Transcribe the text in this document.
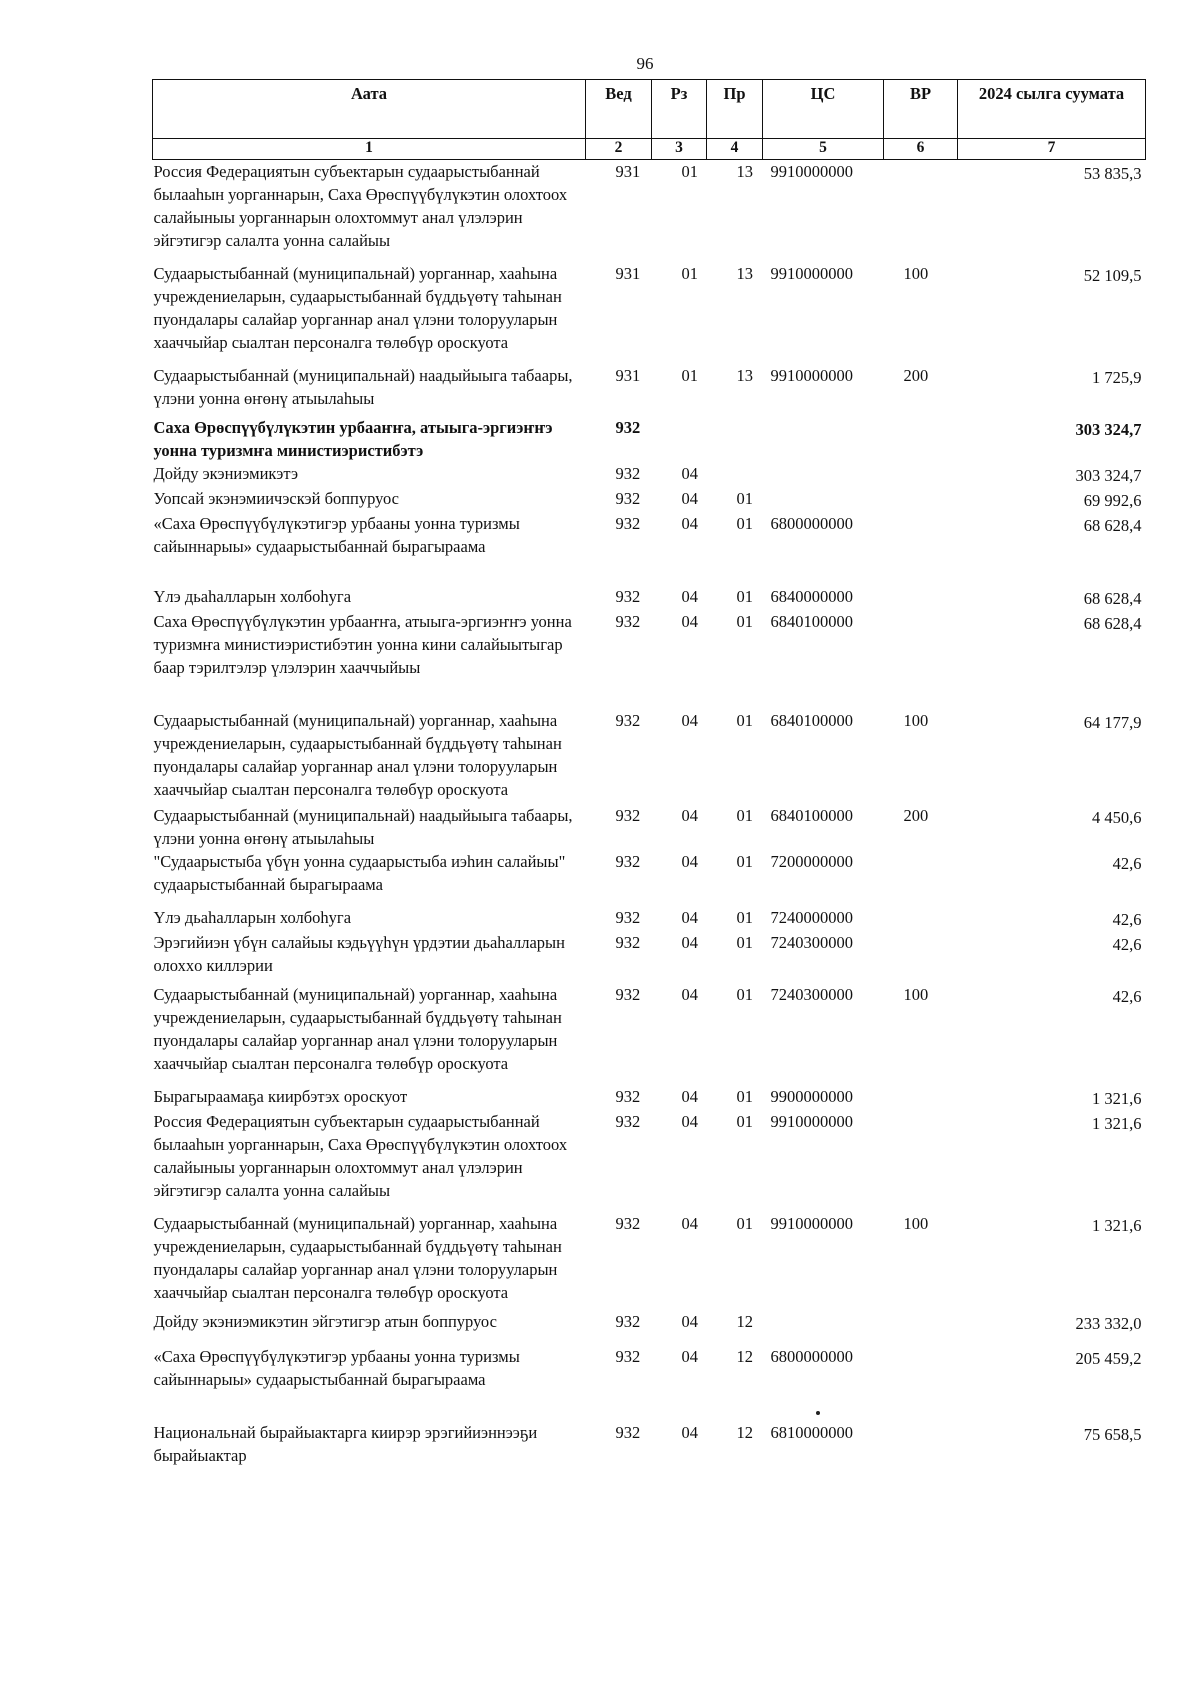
96
Аата	Вед	Рз	Пр	ЦС	ВР	2024 сылга суумата
1	2	3	4	5	6	7
Россия Федерациятын субъектарын судаарыстыбаннай былааһын уорганнарын, Саха Өрөспүүбүлүкэтин олохтоох салайыныы уорганнарын олохтоммут анал үлэлэрин эйгэтигэр салалта уонна салайыы	931	01	13	9910000000		53 835,3
Судаарыстыбаннай (муниципальнай) уорганнар, хааһына учреждениеларын, судаарыстыбаннай бүддьүөтү таһынан пуондалары салайар уорганнар анал үлэни толорууларын хааччыйар сыалтан персоналга төлөбүр ороскуота	931	01	13	9910000000	100	52 109,5
Судаарыстыбаннай (муниципальнай) наадыйыыга табаары, үлэни уонна өҥөнү атыылаһыы	931	01	13	9910000000	200	1 725,9
Саха Өрөспүүбүлүкэтин урбааҥҥа, атыыга-эргиэҥҥэ уонна туризмҥа министиэристибэтэ	932					303 324,7
Дойду экэниэмикэтэ	932	04				303 324,7
Уопсай экэнэмиичэскэй боппуруос	932	04	01			69 992,6
«Саха Өрөспүүбүлүкэтигэр урбааны уонна туризмы сайыннарыы» судаарыстыбаннай бырагыраама	932	04	01	6800000000		68 628,4
Үлэ дьаһалларын холбоһуга	932	04	01	6840000000		68 628,4
Саха Өрөспүүбүлүкэтин урбааҥҥа, атыыга-эргиэҥҥэ уонна туризмҥа министиэристибэтин уонна кини салайыытыгар баар тэрилтэлэр үлэлэрин хааччыйыы	932	04	01	6840100000		68 628,4
Судаарыстыбаннай (муниципальнай) уорганнар, хааһына учреждениеларын, судаарыстыбаннай бүддьүөтү таһынан пуондалары салайар уорганнар анал үлэни толорууларын хааччыйар сыалтан персоналга төлөбүр ороскуота	932	04	01	6840100000	100	64 177,9
Судаарыстыбаннай (муниципальнай) наадыйыыга табаары, үлэни уонна өҥөнү атыылаһыы	932	04	01	6840100000	200	4 450,6
"Судаарыстыба үбүн уонна судаарыстыба иэһин салайыы" судаарыстыбаннай бырагыраама	932	04	01	7200000000		42,6
Үлэ дьаһалларын холбоһуга	932	04	01	7240000000		42,6
Эрэгийиэн үбүн салайыы кэдьүүһүн үрдэтии дьаһалларын олохxо киллэрии	932	04	01	7240300000		42,6
Судаарыстыбаннай (муниципальнай) уорганнар, хааһына учреждениеларын, судаарыстыбаннай бүддьүөтү таһынан пуондалары салайар уорганнар анал үлэни толорууларын хааччыйар сыалтан персоналга төлөбүр ороскуота	932	04	01	7240300000	100	42,6
Бырагыраамаҕа киирбэтэх ороскуот	932	04	01	9900000000		1 321,6
Россия Федерациятын субъектарын судаарыстыбаннай былааһын уорганнарын, Саха Өрөспүүбүлүкэтин олохтоох салайыныы уорганнарын олохтоммут анал үлэлэрин эйгэтигэр салалта уонна салайыы	932	04	01	9910000000		1 321,6
Судаарыстыбаннай (муниципальнай) уорганнар, хааһына учреждениеларын, судаарыстыбаннай бүддьүөтү таһынан пуондалары салайар уорганнар анал үлэни толорууларын хааччыйар сыалтан персоналга төлөбүр ороскуота	932	04	01	9910000000	100	1 321,6
Дойду экэниэмикэтин эйгэтигэр атын боппуруос	932	04	12			233 332,0
«Саха Өрөспүүбүлүкэтигэр урбааны уонна туризмы сайыннарыы» судаарыстыбаннай бырагыраама	932	04	12	6800000000		205 459,2
Национальнай бырайыактарга киирэр эрэгийиэннээҕи бырайыактар	932	04	12	6810000000		75 658,5
